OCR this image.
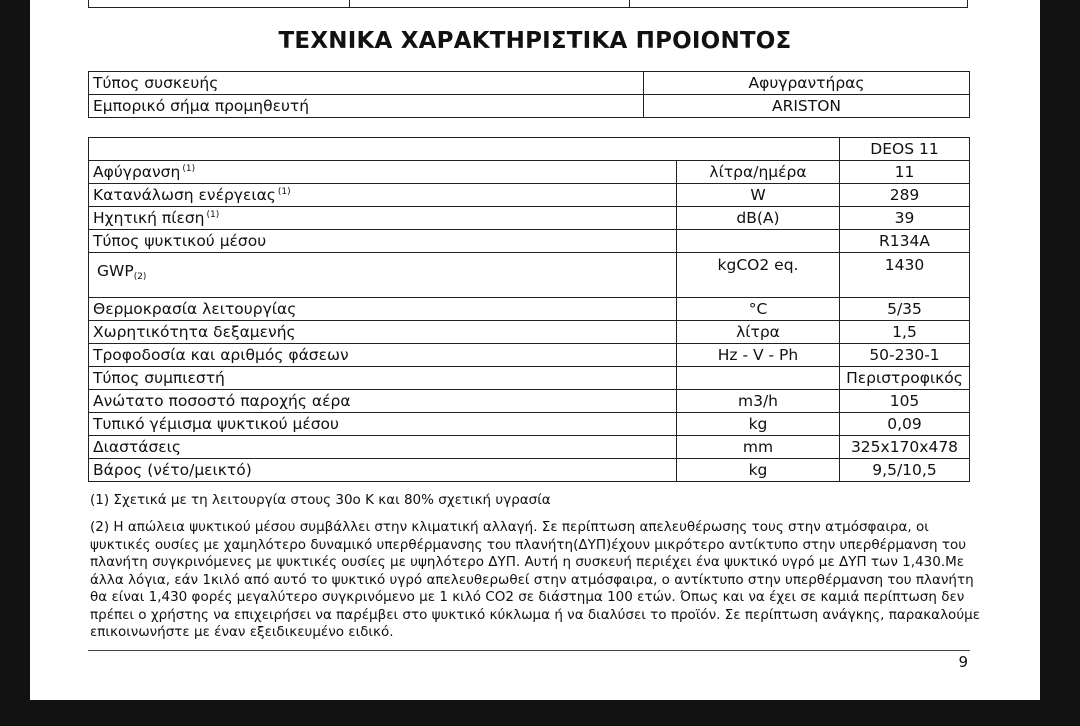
ΤΕΧΝΙΚΑ ΧΑΡΑΚΤΗΡΙΣΤΙΚΑ ΠΡΟΙΟΝΤΟΣ
Τύπος συσκευής	Αφυγραντήρας
Εμπορικό σήμα προμηθευτή	ARISTON
		DEOS 11
Αφύγρανση $^{(1)}$	λίτρα/ημέρα	11
Κατανάλωση ενέργειας $^{(1)}$	W	289
Ηχητική πίεση $^{(1)}$	dB(A)	39
Τύπος ψυκτικού μέσου		R134A
GWP$^{(2)}$	kgCO2 eq.	1430
Θερμοκρασία λειτουργίας	°C	5/35
Χωρητικότητα δεξαμενής	λίτρα	1,5
Τροφοδοσία και αριθμός φάσεων	Hz - V - Ph	50-230-1
Τύπος συμπιεστή		Περιστροφικός
Ανώτατο ποσοστό παροχής αέρα	m3/h	105
Τυπικό γέμισμα ψυκτικού μέσου	kg	0,09
Διαστάσεις	mm	325x170x478
Βάρος (νέτο/μεικτό)	kg	9,5/10,5
(1) Σχετικά με τη λειτουργία στους 30ο Κ και 80% σχετική υγρασία
(2) Η απώλεια ψυκτικού μέσου συμβάλλει στην κλιματική αλλαγή. Σε περίπτωση απελευθέρωσης τους στην ατμόσφαιρα, οι ψυκτικές ουσίες με χαμηλότερο δυναμικό υπερθέρμανσης του πλανήτη(ΔΥΠ)έχουν μικρότερο αντίκτυπο στην υπερθέρμανση του πλανήτη συγκρινόμενες με ψυκτικές ουσίες με υψηλότερο ΔΥΠ. Αυτή η συσκευή περιέχει ένα ψυκτικό υγρό με ΔΥΠ των 1,430.Με άλλα λόγια, εάν 1κιλό από αυτό το ψυκτικό υγρό απελευθερωθεί στην ατμόσφαιρα, ο αντίκτυπο στην υπερθέρμανση του πλανήτη θα είναι 1,430 φορές μεγαλύτερο συγκρινόμενο με 1 κιλό CO2 σε διάστημα 100 ετών. Όπως και να έχει σε καμιά περίπτωση δεν πρέπει ο χρήστης να επιχειρήσει να παρέμβει στο ψυκτικό κύκλωμα ή να διαλύσει το προϊόν. Σε περίπτωση ανάγκης, παρακαλούμε επικοινωνήστε με έναν εξειδικευμένο ειδικό.
9
